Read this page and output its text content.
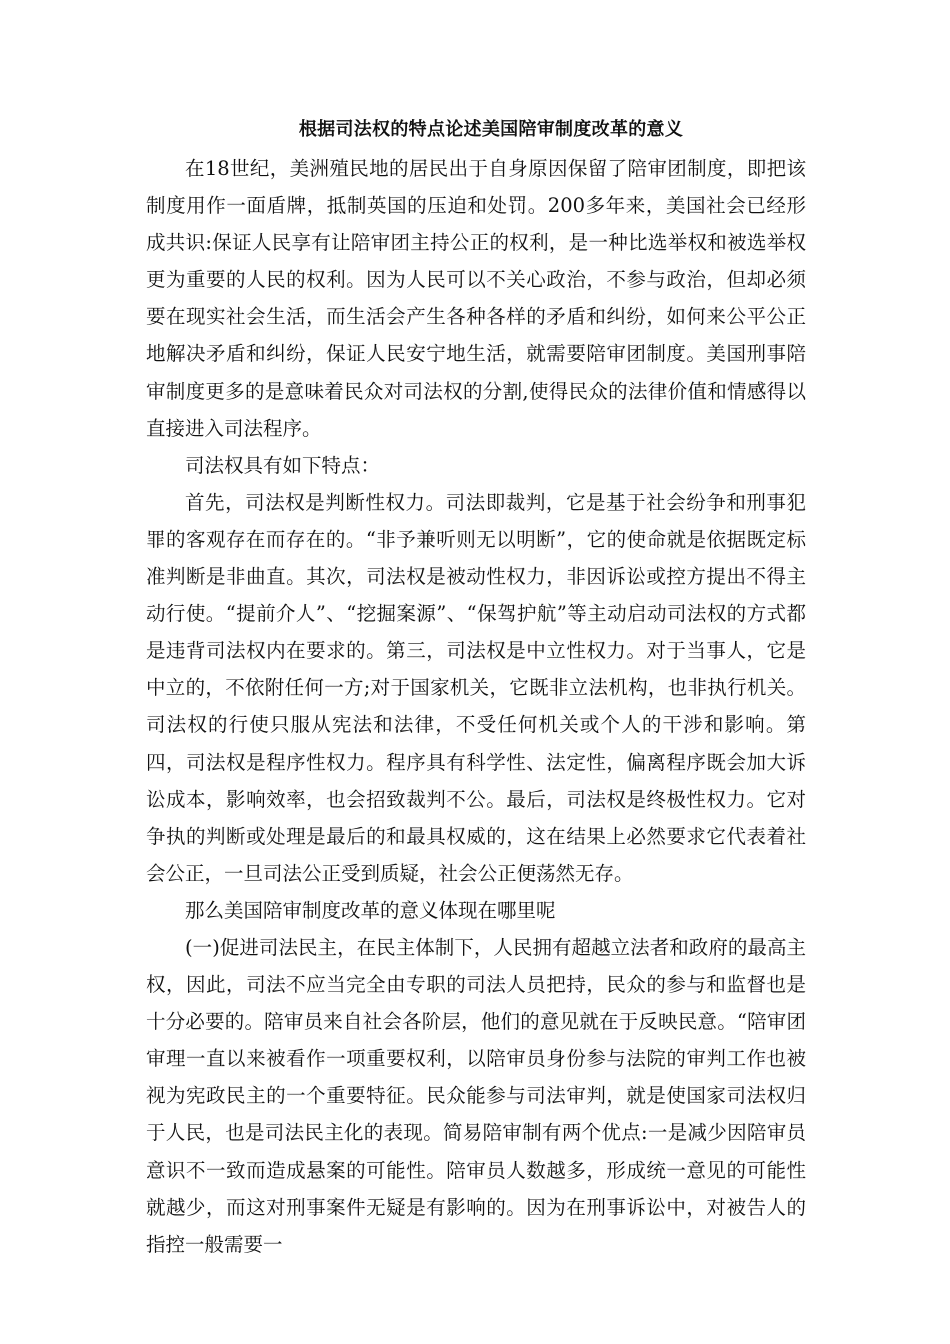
根据司法权的特点论述美国陪审制度改革的意义

在18世纪，美洲殖民地的居民出于自身原因保留了陪审团制度，即把该制度用作一面盾牌，抵制英国的压迫和处罚。200多年来，美国社会已经形成共识:保证人民享有让陪审团主持公正的权利，是一种比选举权和被选举权更为重要的人民的权利。因为人民可以不关心政治，不参与政治，但却必须要在现实社会生活，而生活会产生各种各样的矛盾和纠纷，如何来公平公正地解决矛盾和纠纷，保证人民安宁地生活，就需要陪审团制度。美国刑事陪审制度更多的是意味着民众对司法权的分割,使得民众的法律价值和情感得以直接进入司法程序。

司法权具有如下特点：

首先，司法权是判断性权力。司法即裁判，它是基于社会纷争和刑事犯罪的客观存在而存在的。“非予兼听则无以明断”，它的使命就是依据既定标准判断是非曲直。其次，司法权是被动性权力，非因诉讼或控方提出不得主动行使。“提前介人”、“挖掘案源”、“保驾护航”等主动启动司法权的方式都是违背司法权内在要求的。第三，司法权是中立性权力。对于当事人，它是中立的，不依附任何一方;对于国家机关，它既非立法机构，也非执行机关。司法权的行使只服从宪法和法律，不受任何机关或个人的干涉和影响。第四，司法权是程序性权力。程序具有科学性、法定性，偏离程序既会加大诉讼成本，影响效率，也会招致裁判不公。最后，司法权是终极性权力。它对争执的判断或处理是最后的和最具权威的，这在结果上必然要求它代表着社会公正，一旦司法公正受到质疑，社会公正便荡然无存。

那么美国陪审制度改革的意义体现在哪里呢

(一)促进司法民主，在民主体制下，人民拥有超越立法者和政府的最高主权，因此，司法不应当完全由专职的司法人员把持，民众的参与和监督也是十分必要的。陪审员来自社会各阶层，他们的意见就在于反映民意。“陪审团审理一直以来被看作一项重要权利，以陪审员身份参与法院的审判工作也被视为宪政民主的一个重要特征。民众能参与司法审判，就是使国家司法权归于人民，也是司法民主化的表现。简易陪审制有两个优点:一是减少因陪审员意识不一致而造成悬案的可能性。陪审员人数越多，形成统一意见的可能性就越少，而这对刑事案件无疑是有影响的。因为在刑事诉讼中，对被告人的指控一般需要一
